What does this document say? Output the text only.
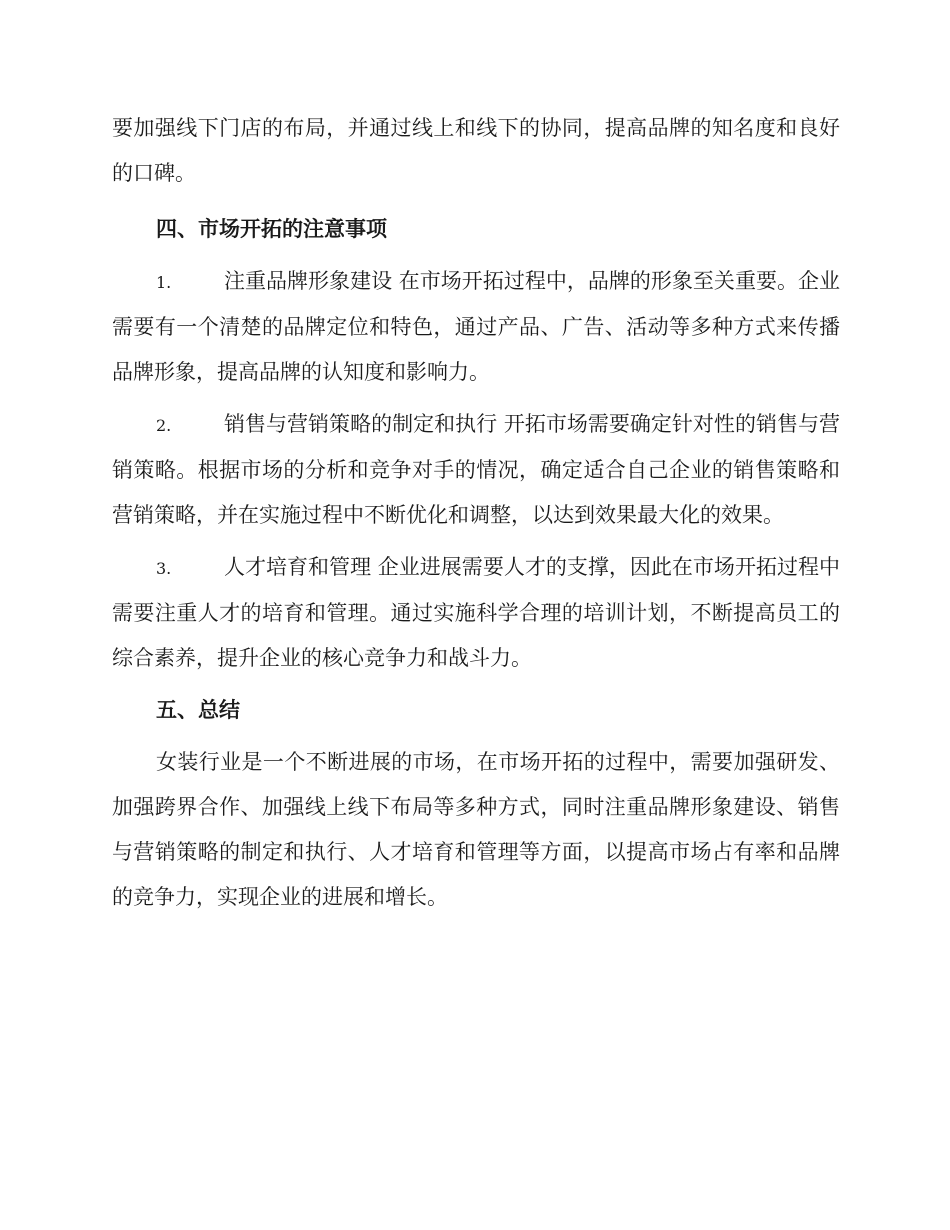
要加强线下门店的布局，并通过线上和线下的协同，提高品牌的知名度和良好的口碑。

四、市场开拓的注意事项

1.	注重品牌形象建设 在市场开拓过程中，品牌的形象至关重要。企业需要有一个清楚的品牌定位和特色，通过产品、广告、活动等多种方式来传播品牌形象，提高品牌的认知度和影响力。

2.	销售与营销策略的制定和执行 开拓市场需要确定针对性的销售与营销策略。根据市场的分析和竞争对手的情况，确定适合自己企业的销售策略和营销策略，并在实施过程中不断优化和调整，以达到效果最大化的效果。

3.	人才培育和管理 企业进展需要人才的支撑，因此在市场开拓过程中需要注重人才的培育和管理。通过实施科学合理的培训计划，不断提高员工的综合素养，提升企业的核心竞争力和战斗力。

五、总结

女装行业是一个不断进展的市场，在市场开拓的过程中，需要加强研发、加强跨界合作、加强线上线下布局等多种方式，同时注重品牌形象建设、销售与营销策略的制定和执行、人才培育和管理等方面，以提高市场占有率和品牌的竞争力，实现企业的进展和增长。
